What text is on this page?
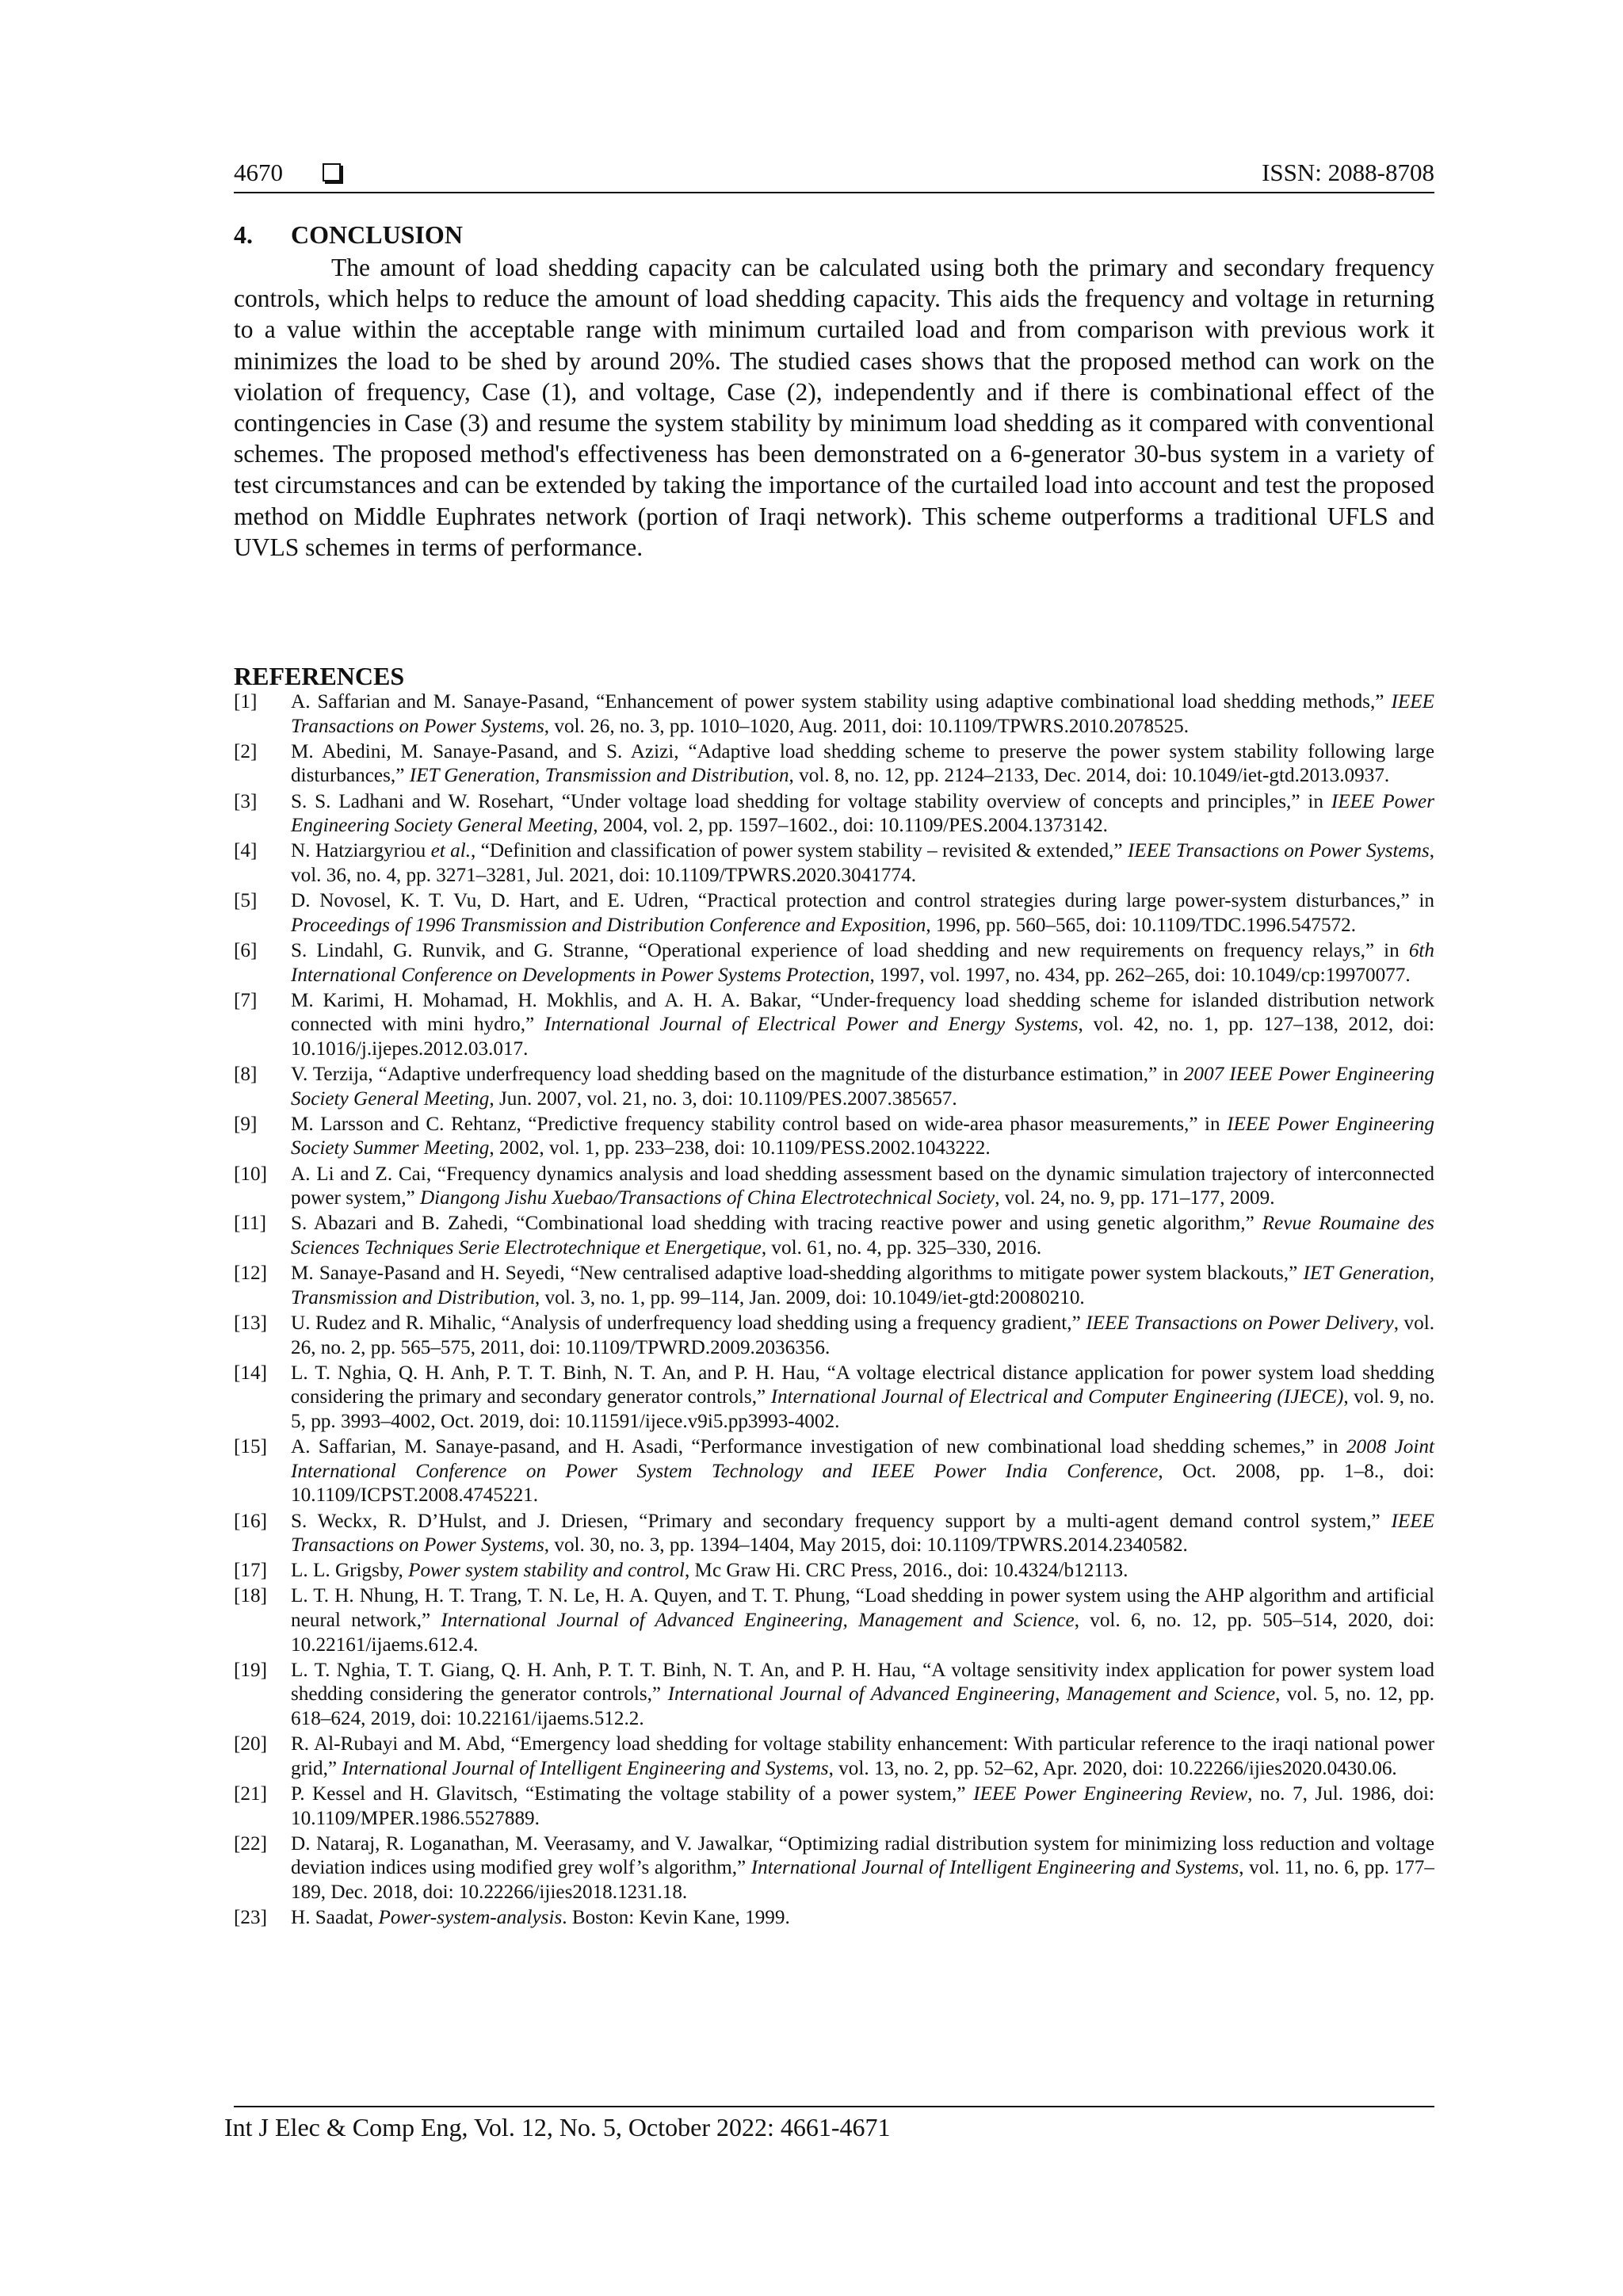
4670	ISSN: 2088-8708
4. CONCLUSION

The amount of load shedding capacity can be calculated using both the primary and secondary frequency controls, which helps to reduce the amount of load shedding capacity. This aids the frequency and voltage in returning to a value within the acceptable range with minimum curtailed load and from comparison with previous work it minimizes the load to be shed by around 20%. The studied cases shows that the proposed method can work on the violation of frequency, Case (1), and voltage, Case (2), independently and if there is combinational effect of the contingencies in Case (3) and resume the system stability by minimum load shedding as it compared with conventional schemes. The proposed method's effectiveness has been demonstrated on a 6-generator 30-bus system in a variety of test circumstances and can be extended by taking the importance of the curtailed load into account and test the proposed method on Middle Euphrates network (portion of Iraqi network). This scheme outperforms a traditional UFLS and UVLS schemes in terms of performance.

REFERENCES
[1] A. Saffarian and M. Sanaye-Pasand, “Enhancement of power system stability using adaptive combinational load shedding methods,” IEEE Transactions on Power Systems, vol. 26, no. 3, pp. 1010–1020, Aug. 2011, doi: 10.1109/TPWRS.2010.2078525.
[2] M. Abedini, M. Sanaye-Pasand, and S. Azizi, “Adaptive load shedding scheme to preserve the power system stability following large disturbances,” IET Generation, Transmission and Distribution, vol. 8, no. 12, pp. 2124–2133, Dec. 2014, doi: 10.1049/iet-gtd.2013.0937.
[3] S. S. Ladhani and W. Rosehart, “Under voltage load shedding for voltage stability overview of concepts and principles,” in IEEE Power Engineering Society General Meeting, 2004, vol. 2, pp. 1597–1602., doi: 10.1109/PES.2004.1373142.
[4] N. Hatziargyriou et al., “Definition and classification of power system stability – revisited & extended,” IEEE Transactions on Power Systems, vol. 36, no. 4, pp. 3271–3281, Jul. 2021, doi: 10.1109/TPWRS.2020.3041774.
[5] D. Novosel, K. T. Vu, D. Hart, and E. Udren, “Practical protection and control strategies during large power-system disturbances,” in Proceedings of 1996 Transmission and Distribution Conference and Exposition, 1996, pp. 560–565, doi: 10.1109/TDC.1996.547572.
[6] S. Lindahl, G. Runvik, and G. Stranne, “Operational experience of load shedding and new requirements on frequency relays,” in 6th International Conference on Developments in Power Systems Protection, 1997, vol. 1997, no. 434, pp. 262–265, doi: 10.1049/cp:19970077.
[7] M. Karimi, H. Mohamad, H. Mokhlis, and A. H. A. Bakar, “Under-frequency load shedding scheme for islanded distribution network connected with mini hydro,” International Journal of Electrical Power and Energy Systems, vol. 42, no. 1, pp. 127–138, 2012, doi: 10.1016/j.ijepes.2012.03.017.
[8] V. Terzija, “Adaptive underfrequency load shedding based on the magnitude of the disturbance estimation,” in 2007 IEEE Power Engineering Society General Meeting, Jun. 2007, vol. 21, no. 3, doi: 10.1109/PES.2007.385657.
[9] M. Larsson and C. Rehtanz, “Predictive frequency stability control based on wide-area phasor measurements,” in IEEE Power Engineering Society Summer Meeting, 2002, vol. 1, pp. 233–238, doi: 10.1109/PESS.2002.1043222.
[10] A. Li and Z. Cai, “Frequency dynamics analysis and load shedding assessment based on the dynamic simulation trajectory of interconnected power system,” Diangong Jishu Xuebao/Transactions of China Electrotechnical Society, vol. 24, no. 9, pp. 171–177, 2009.
[11] S. Abazari and B. Zahedi, “Combinational load shedding with tracing reactive power and using genetic algorithm,” Revue Roumaine des Sciences Techniques Serie Electrotechnique et Energetique, vol. 61, no. 4, pp. 325–330, 2016.
[12] M. Sanaye-Pasand and H. Seyedi, “New centralised adaptive load-shedding algorithms to mitigate power system blackouts,” IET Generation, Transmission and Distribution, vol. 3, no. 1, pp. 99–114, Jan. 2009, doi: 10.1049/iet-gtd:20080210.
[13] U. Rudez and R. Mihalic, “Analysis of underfrequency load shedding using a frequency gradient,” IEEE Transactions on Power Delivery, vol. 26, no. 2, pp. 565–575, 2011, doi: 10.1109/TPWRD.2009.2036356.
[14] L. T. Nghia, Q. H. Anh, P. T. T. Binh, N. T. An, and P. H. Hau, “A voltage electrical distance application for power system load shedding considering the primary and secondary generator controls,” International Journal of Electrical and Computer Engineering (IJECE), vol. 9, no. 5, pp. 3993–4002, Oct. 2019, doi: 10.11591/ijece.v9i5.pp3993-4002.
[15] A. Saffarian, M. Sanaye-pasand, and H. Asadi, “Performance investigation of new combinational load shedding schemes,” in 2008 Joint International Conference on Power System Technology and IEEE Power India Conference, Oct. 2008, pp. 1–8., doi: 10.1109/ICPST.2008.4745221.
[16] S. Weckx, R. D’Hulst, and J. Driesen, “Primary and secondary frequency support by a multi-agent demand control system,” IEEE Transactions on Power Systems, vol. 30, no. 3, pp. 1394–1404, May 2015, doi: 10.1109/TPWRS.2014.2340582.
[17] L. L. Grigsby, Power system stability and control, Mc Graw Hi. CRC Press, 2016., doi: 10.4324/b12113.
[18] L. T. H. Nhung, H. T. Trang, T. N. Le, H. A. Quyen, and T. T. Phung, “Load shedding in power system using the AHP algorithm and artificial neural network,” International Journal of Advanced Engineering, Management and Science, vol. 6, no. 12, pp. 505–514, 2020, doi: 10.22161/ijaems.612.4.
[19] L. T. Nghia, T. T. Giang, Q. H. Anh, P. T. T. Binh, N. T. An, and P. H. Hau, “A voltage sensitivity index application for power system load shedding considering the generator controls,” International Journal of Advanced Engineering, Management and Science, vol. 5, no. 12, pp. 618–624, 2019, doi: 10.22161/ijaems.512.2.
[20] R. Al-Rubayi and M. Abd, “Emergency load shedding for voltage stability enhancement: With particular reference to the iraqi national power grid,” International Journal of Intelligent Engineering and Systems, vol. 13, no. 2, pp. 52–62, Apr. 2020, doi: 10.22266/ijies2020.0430.06.
[21] P. Kessel and H. Glavitsch, “Estimating the voltage stability of a power system,” IEEE Power Engineering Review, no. 7, Jul. 1986, doi: 10.1109/MPER.1986.5527889.
[22] D. Nataraj, R. Loganathan, M. Veerasamy, and V. Jawalkar, “Optimizing radial distribution system for minimizing loss reduction and voltage deviation indices using modified grey wolf’s algorithm,” International Journal of Intelligent Engineering and Systems, vol. 11, no. 6, pp. 177–189, Dec. 2018, doi: 10.22266/ijies2018.1231.18.
[23] H. Saadat, Power-system-analysis. Boston: Kevin Kane, 1999.
Int J Elec & Comp Eng, Vol. 12, No. 5, October 2022: 4661-4671
